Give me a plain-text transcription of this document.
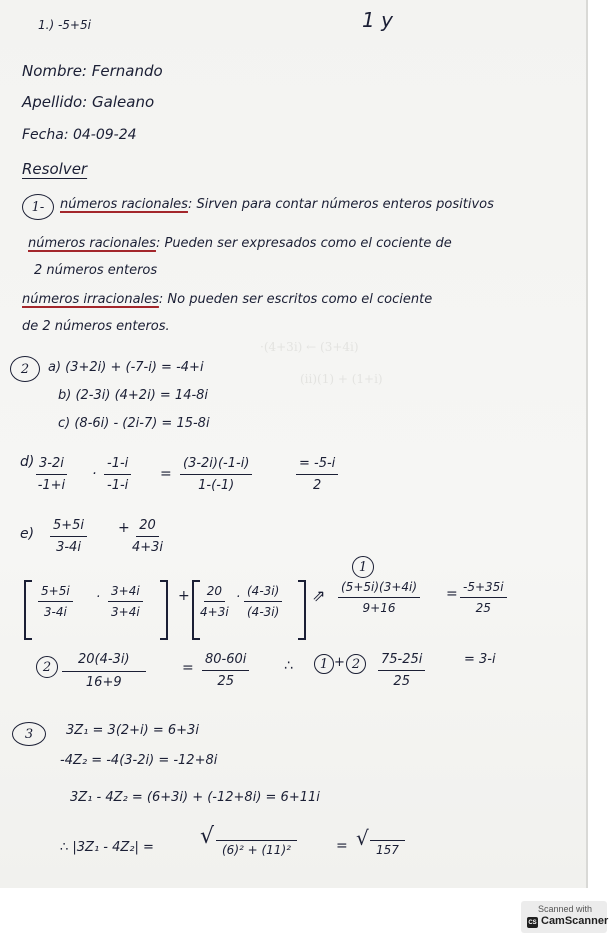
·(4+3i) ← (3+4i)
(ii)(1) + (1+i)
1.) -5+5i	1 y
Nombre: Fernando
Apellido: Galeano
Fecha: 04-09-24
Resolver
1-	números racionales: Sirven para contar números enteros positivos
números racionales: Pueden ser expresados como el cociente de
2 números enteros
números irracionales: No pueden ser escritos como el cociente
de 2 números enteros.
2	a) (3+2i) + (-7-i) = -4+i
b) (2-3i) (4+2i) = 14-8i
c) (8-6i) - (2i-7) = 15-8i
$d) \frac{3-2i}{-1+i} \cdot \frac{-1-i}{-1-i} = \frac{(3-2i)(-1-i)}{1-(-1)}$	$\frac{= -5-i}{2}$
$e) \frac{5+5i}{3-4i} + \frac{20}{4+3i}$
$\frac{5+5i}{3-4i} \cdot \frac{3+4i}{3+4i}$	+ $\frac{20}{4+3i} \cdot \frac{(4-3i)}{(4-3i)}$ ⇗
1
$\frac{(5+5i)(3+4i)}{9+16} = \frac{-5+35i}{25}$
$2 \frac{20(4-3i)}{16+9}$	= $\frac{80-60i}{25}$ ∴	1 + 2	$\frac{75-25i}{25}$	= 3-i
3	3Z₁ = 3(2+i) = 6+3i
-4Z₂ = -4(3-2i) = -12+8i
3Z₁ - 4Z₂ = (6+3i) + (-12+8i) = 6+11i
∴ |3Z₁ - 4Z₂| = √
(6)² + (11)²	= √ 157
Scanned with
CS CamScanner
